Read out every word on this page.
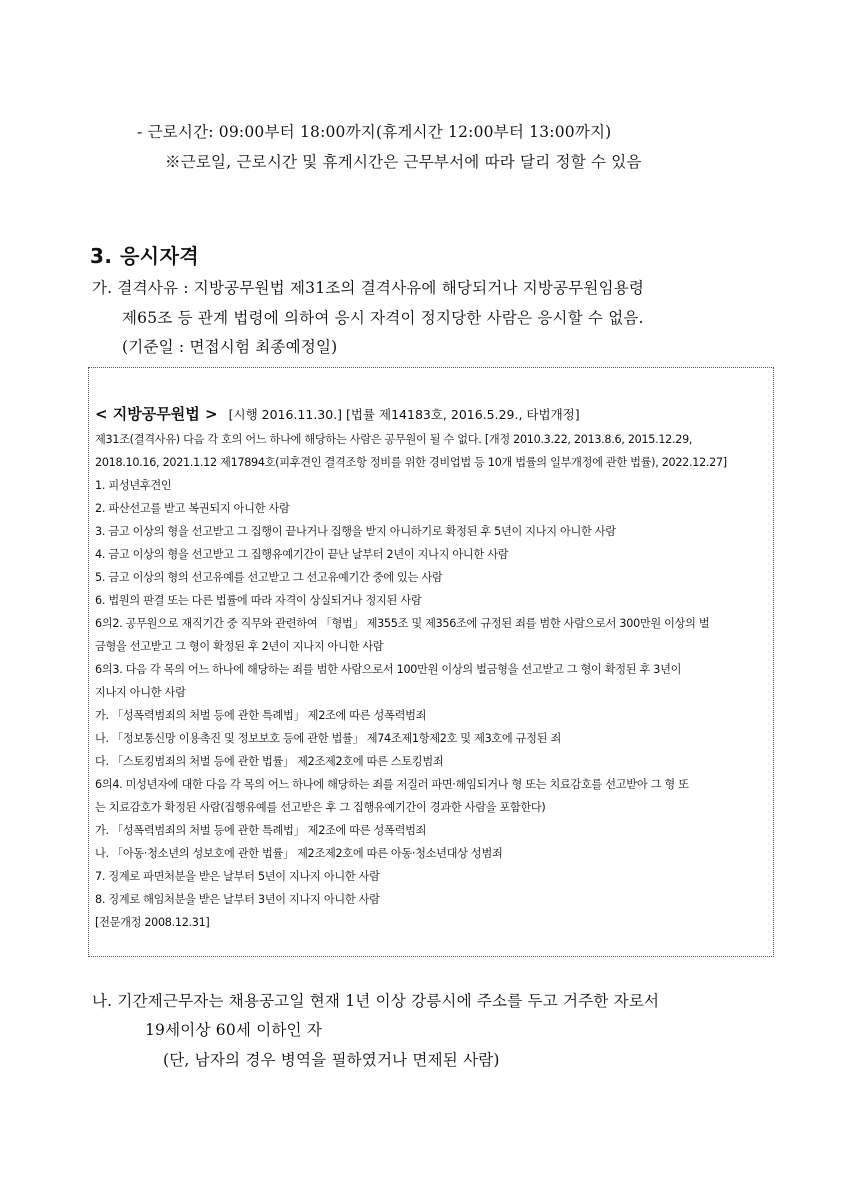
- 근로시간: 09:00부터 18:00까지(휴게시간 12:00부터 13:00까지)
※근로일, 근로시간 및 휴게시간은 근무부서에 따라 달리 정할 수 있음
3. 응시자격
가. 결격사유 : 지방공무원법 제31조의 결격사유에 해당되거나 지방공무원임용령
제65조 등 관계 법령에 의하여 응시 자격이 정지당한 사람은 응시할 수 없음.
(기준일 : 면접시험 최종예정일)
< 지방공무원법 > [시행 2016.11.30.] [법률 제14183호, 2016.5.29., 타법개정]
제31조(결격사유) 다음 각 호의 어느 하나에 해당하는 사람은 공무원이 될 수 없다. [개정 2010.3.22, 2013.8.6, 2015.12.29,
2018.10.16, 2021.1.12 제17894호(피후견인 결격조항 정비를 위한 경비업법 등 10개 법률의 일부개정에 관한 법률), 2022.12.27]
1. 피성년후견인
2. 파산선고를 받고 복권되지 아니한 사람
3. 금고 이상의 형을 선고받고 그 집행이 끝나거나 집행을 받지 아니하기로 확정된 후 5년이 지나지 아니한 사람
4. 금고 이상의 형을 선고받고 그 집행유예기간이 끝난 날부터 2년이 지나지 아니한 사람
5. 금고 이상의 형의 선고유예를 선고받고 그 선고유예기간 중에 있는 사람
6. 법원의 판결 또는 다른 법률에 따라 자격이 상실되거나 정지된 사람
6의2. 공무원으로 재직기간 중 직무와 관련하여 「형법」 제355조 및 제356조에 규정된 죄를 범한 사람으로서 300만원 이상의 벌
금형을 선고받고 그 형이 확정된 후 2년이 지나지 아니한 사람
6의3. 다음 각 목의 어느 하나에 해당하는 죄를 범한 사람으로서 100만원 이상의 벌금형을 선고받고 그 형이 확정된 후 3년이
지나지 아니한 사람
가. 「성폭력범죄의 처벌 등에 관한 특례법」 제2조에 따른 성폭력범죄
나. 「정보통신망 이용촉진 및 정보보호 등에 관한 법률」 제74조제1항제2호 및 제3호에 규정된 죄
다. 「스토킹범죄의 처벌 등에 관한 법률」 제2조제2호에 따른 스토킹범죄
6의4. 미성년자에 대한 다음 각 목의 어느 하나에 해당하는 죄를 저질러 파면·해임되거나 형 또는 치료감호를 선고받아 그 형 또
는 치료감호가 확정된 사람(집행유예를 선고받은 후 그 집행유예기간이 경과한 사람을 포함한다)
가. 「성폭력범죄의 처벌 등에 관한 특례법」 제2조에 따른 성폭력범죄
나. 「아동·청소년의 성보호에 관한 법률」 제2조제2호에 따른 아동·청소년대상 성범죄
7. 징계로 파면처분을 받은 날부터 5년이 지나지 아니한 사람
8. 징계로 해임처분을 받은 날부터 3년이 지나지 아니한 사람
[전문개정 2008.12.31]
나. 기간제근무자는 채용공고일 현재 1년 이상 강릉시에 주소를 두고 거주한 자로서
19세이상 60세 이하인 자
(단, 남자의 경우 병역을 필하였거나 면제된 사람)
